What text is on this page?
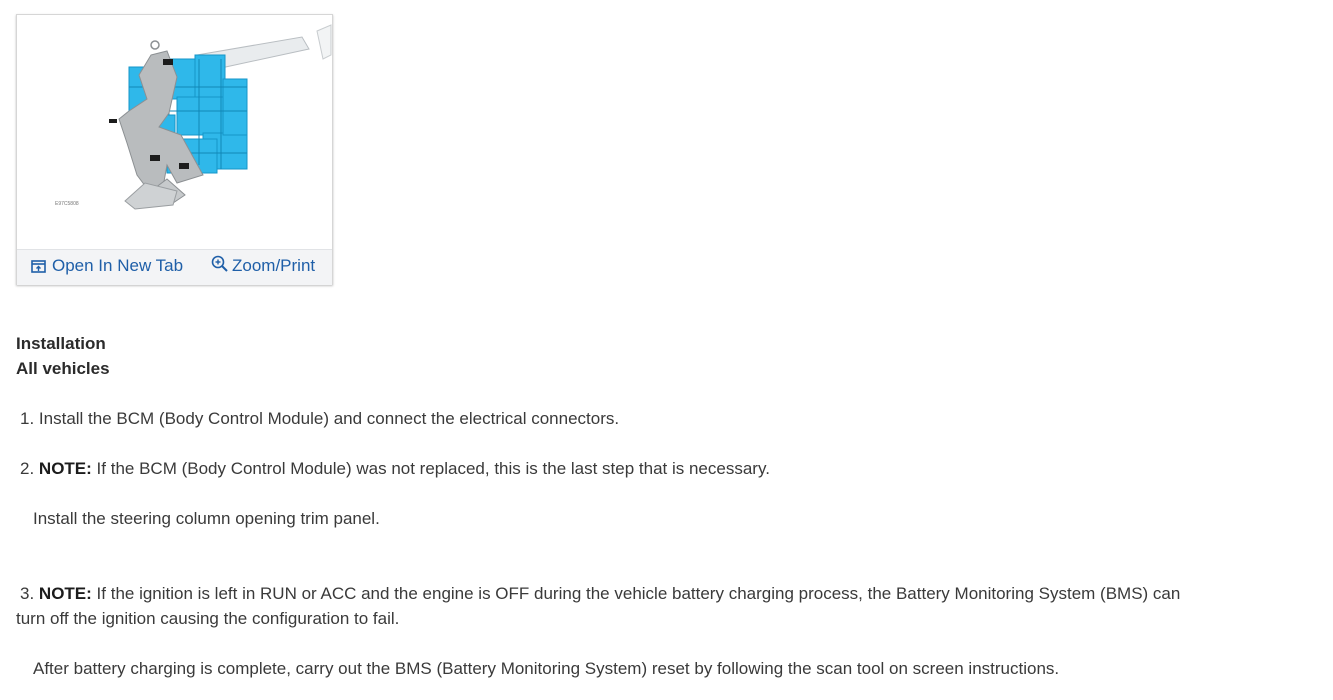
E97C5808
Open In New Tab	Zoom/Print
Installation
All vehicles
1. Install the BCM (Body Control Module) and connect the electrical connectors.
2. NOTE: If the BCM (Body Control Module) was not replaced, this is the last step that is necessary.
Install the steering column opening trim panel.
3. NOTE: If the ignition is left in RUN or ACC and the engine is OFF during the vehicle battery charging process, the Battery Monitoring System (BMS) can
turn off the ignition causing the configuration to fail.
After battery charging is complete, carry out the BMS (Battery Monitoring System) reset by following the scan tool on screen instructions.
